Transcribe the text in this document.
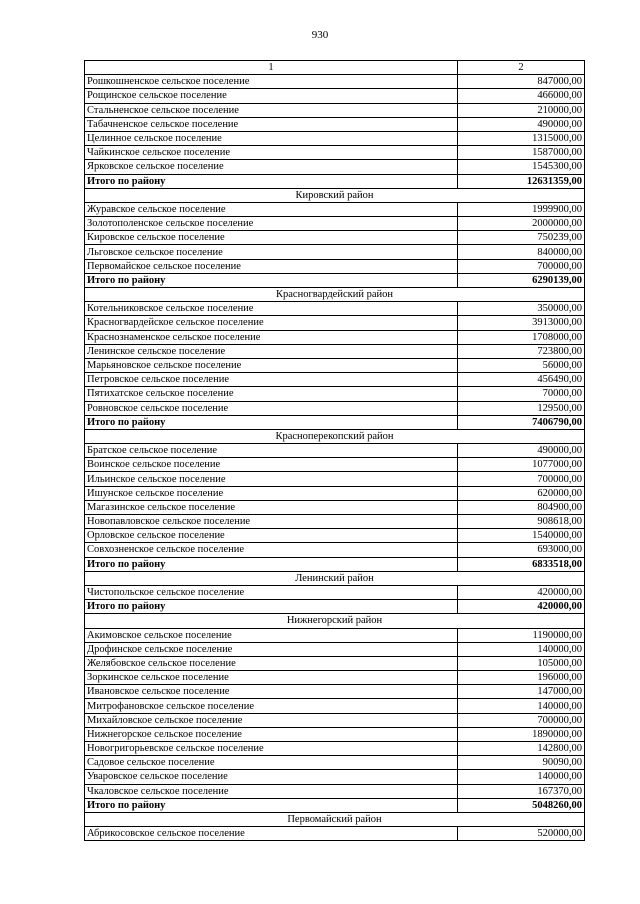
930
1	2
Рошкошненское сельское поселение	847000,00
Рощинское сельское поселение	466000,00
Стальненское сельское поселение	210000,00
Табачненское сельское поселение	490000,00
Целинное сельское поселение	1315000,00
Чайкинское сельское поселение	1587000,00
Ярковское сельское поселение	1545300,00
Итого по району	12631359,00
Кировский район	
Журавское сельское поселение	1999900,00
Золотополенское сельское поселение	2000000,00
Кировское сельское поселение	750239,00
Льговское сельское поселение	840000,00
Первомайское сельское поселение	700000,00
Итого по району	6290139,00
Красногвардейский район	
Котельниковское сельское поселение	350000,00
Красногвардейское сельское поселение	3913000,00
Краснознаменское сельское поселение	1708000,00
Ленинское сельское поселение	723800,00
Марьяновское сельское поселение	56000,00
Петровское сельское поселение	456490,00
Пятихатское сельское поселение	70000,00
Ровновское сельское поселение	129500,00
Итого по району	7406790,00
Красноперекопский район	
Братское сельское поселение	490000,00
Воинское сельское поселение	1077000,00
Ильинское сельское поселение	700000,00
Ишунское сельское поселение	620000,00
Магазинское сельское поселение	804900,00
Новопавловское сельское поселение	908618,00
Орловское сельское поселение	1540000,00
Совхозненское сельское поселение	693000,00
Итого по району	6833518,00
Ленинский район	
Чистопольское сельское поселение	420000,00
Итого по району	420000,00
Нижнегорский район	
Акимовское сельское поселение	1190000,00
Дрофинское сельское поселение	140000,00
Желябовское сельское поселение	105000,00
Зоркинское сельское поселение	196000,00
Ивановское сельское поселение	147000,00
Митрофановское сельское поселение	140000,00
Михайловское сельское поселение	700000,00
Нижнегорское сельское поселение	1890000,00
Новогригорьевское сельское поселение	142800,00
Садовое сельское поселение	90090,00
Уваровское сельское поселение	140000,00
Чкаловское сельское поселение	167370,00
Итого по району	5048260,00
Первомайский район	
Абрикосовское сельское поселение	520000,00
